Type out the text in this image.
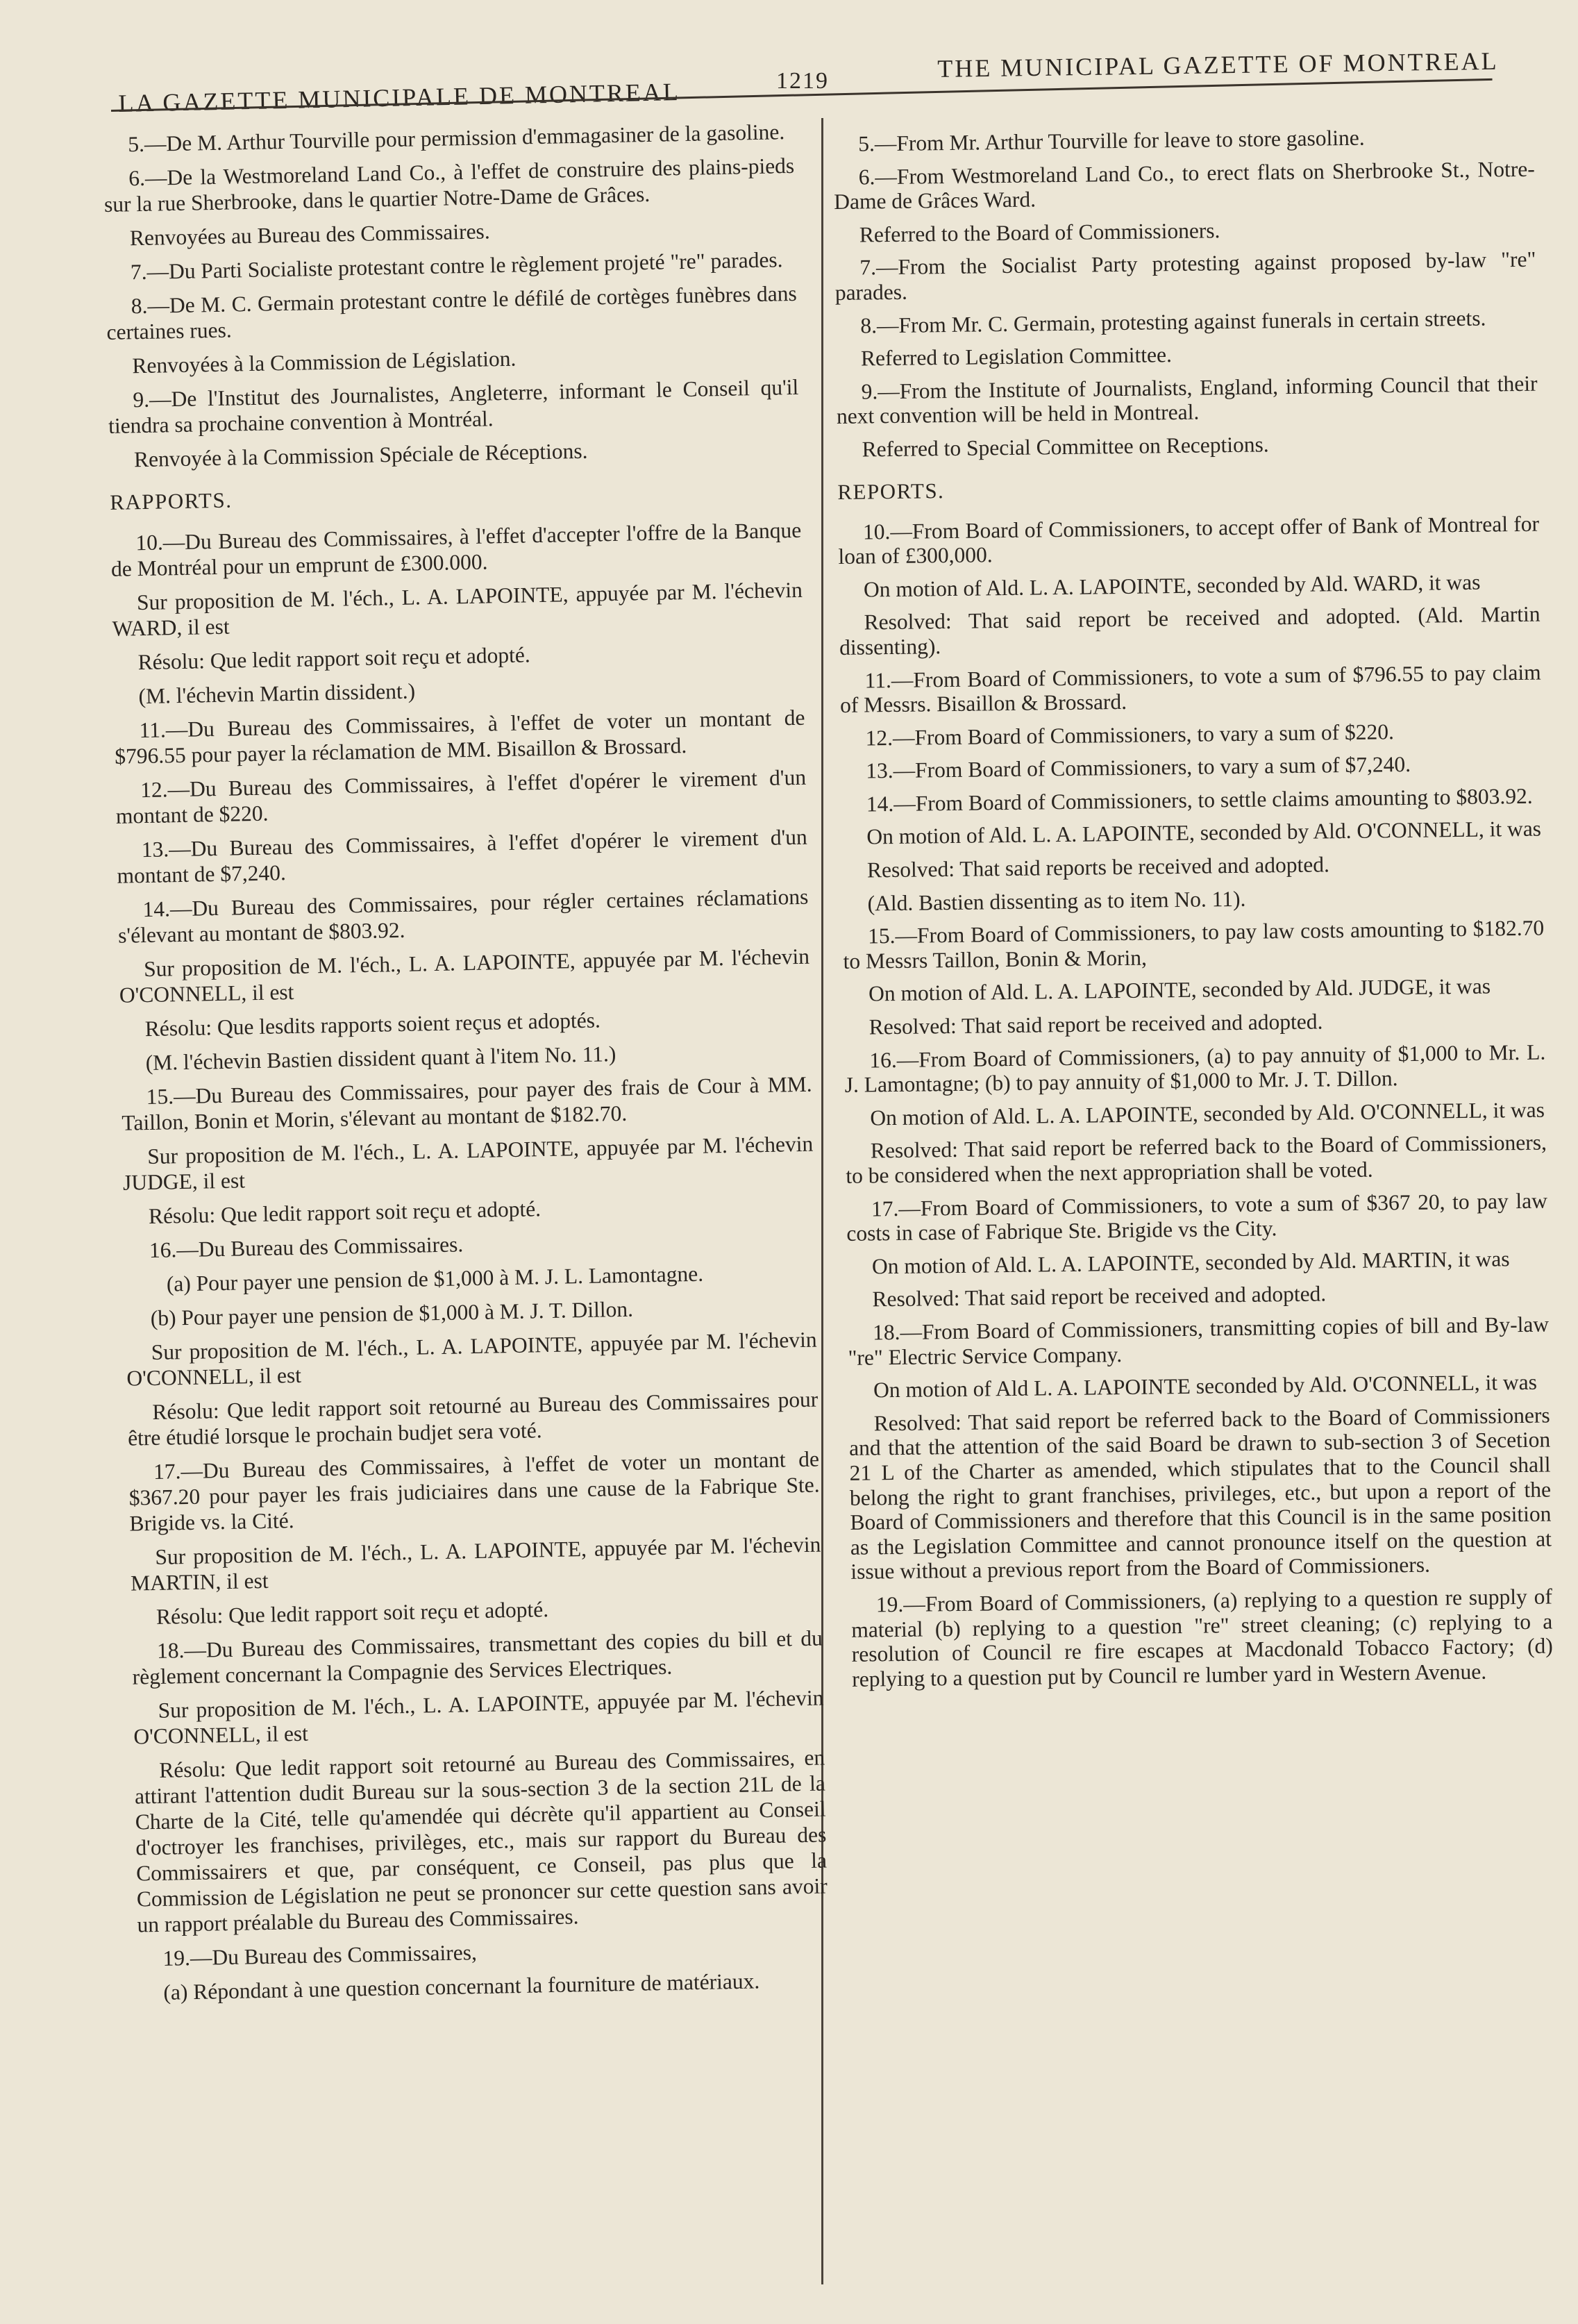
LA GAZETTE MUNICIPALE DE MONTREAL	1219	THE MUNICIPAL GAZETTE OF MONTREAL

5.—De M. Arthur Tourville pour permission d'emmagasiner de la gasoline.

6.—De la Westmoreland Land Co., à l'effet de construire des plains-pieds sur la rue Sherbrooke, dans le quartier Notre-Dame de Grâces.

Renvoyées au Bureau des Commissaires.

7.—Du Parti Socialiste protestant contre le règlement projeté "re" parades.

8.—De M. C. Germain protestant contre le défilé de cortèges funèbres dans certaines rues.

Renvoyées à la Commission de Législation.

9.—De l'Institut des Journalistes, Angleterre, informant le Conseil qu'il tiendra sa prochaine convention à Montréal.

Renvoyée à la Commission Spéciale de Réceptions.

RAPPORTS.

10.—Du Bureau des Commissaires, à l'effet d'accepter l'offre de la Banque de Montréal pour un emprunt de £300.000.

Sur proposition de M. l'éch., L. A. LAPOINTE, appuyée par M. l'échevin WARD, il est

Résolu: Que ledit rapport soit reçu et adopté.

(M. l'échevin Martin dissident.)

11.—Du Bureau des Commissaires, à l'effet de voter un montant de $796.55 pour payer la réclamation de MM. Bisaillon & Brossard.

12.—Du Bureau des Commissaires, à l'effet d'opérer le virement d'un montant de $220.

13.—Du Bureau des Commissaires, à l'effet d'opérer le virement d'un montant de $7,240.

14.—Du Bureau des Commissaires, pour régler certaines réclamations s'élevant au montant de $803.92.

Sur proposition de M. l'éch., L. A. LAPOINTE, appuyée par M. l'échevin O'CONNELL, il est

Résolu: Que lesdits rapports soient reçus et adoptés.

(M. l'échevin Bastien dissident quant à l'item No. 11.)

15.—Du Bureau des Commissaires, pour payer des frais de Cour à MM. Taillon, Bonin et Morin, s'élevant au montant de $182.70.

Sur proposition de M. l'éch., L. A. LAPOINTE, appuyée par M. l'échevin JUDGE, il est

Résolu: Que ledit rapport soit reçu et adopté.

16.—Du Bureau des Commissaires.

(a) Pour payer une pension de $1,000 à M. J. L. Lamontagne.

(b) Pour payer une pension de $1,000 à M. J. T. Dillon.

Sur proposition de M. l'éch., L. A. LAPOINTE, appuyée par M. l'échevin O'CONNELL, il est

Résolu: Que ledit rapport soit retourné au Bureau des Commissaires pour être étudié lorsque le prochain budjet sera voté.

17.—Du Bureau des Commissaires, à l'effet de voter un montant de $367.20 pour payer les frais judiciaires dans une cause de la Fabrique Ste. Brigide vs. la Cité.

Sur proposition de M. l'éch., L. A. LAPOINTE, appuyée par M. l'échevin MARTIN, il est

Résolu: Que ledit rapport soit reçu et adopté.

18.—Du Bureau des Commissaires, transmettant des copies du bill et du règlement concernant la Compagnie des Services Electriques.

Sur proposition de M. l'éch., L. A. LAPOINTE, appuyée par M. l'échevin O'CONNELL, il est

Résolu: Que ledit rapport soit retourné au Bureau des Commissaires, en attirant l'attention dudit Bureau sur la sous-section 3 de la section 21L de la Charte de la Cité, telle qu'amendée qui décrète qu'il appartient au Conseil d'octroyer les franchises, privilèges, etc., mais sur rapport du Bureau des Commissairers et que, par conséquent, ce Conseil, pas plus que la Commission de Législation ne peut se prononcer sur cette question sans avoir un rapport préalable du Bureau des Commissaires.

19.—Du Bureau des Commissaires,

(a) Répondant à une question concernant la fourniture de matériaux.

5.—From Mr. Arthur Tourville for leave to store gasoline.

6.—From Westmoreland Land Co., to erect flats on Sherbrooke St., Notre-Dame de Grâces Ward.

Referred to the Board of Commissioners.

7.—From the Socialist Party protesting against proposed by-law "re" parades.

8.—From Mr. C. Germain, protesting against funerals in certain streets.

Referred to Legislation Committee.

9.—From the Institute of Journalists, England, informing Council that their next convention will be held in Montreal.

Referred to Special Committee on Receptions.

REPORTS.

10.—From Board of Commissioners, to accept offer of Bank of Montreal for loan of £300,000.

On motion of Ald. L. A. LAPOINTE, seconded by Ald. WARD, it was

Resolved: That said report be received and adopted. (Ald. Martin dissenting).

11.—From Board of Commissioners, to vote a sum of $796.55 to pay claim of Messrs. Bisaillon & Brossard.

12.—From Board of Commissioners, to vary a sum of $220.

13.—From Board of Commissioners, to vary a sum of $7,240.

14.—From Board of Commissioners, to settle claims amounting to $803.92.

On motion of Ald. L. A. LAPOINTE, seconded by Ald. O'CONNELL, it was

Resolved: That said reports be received and adopted.

(Ald. Bastien dissenting as to item No. 11).

15.—From Board of Commissioners, to pay law costs amounting to $182.70 to Messrs Taillon, Bonin & Morin,

On motion of Ald. L. A. LAPOINTE, seconded by Ald. JUDGE, it was

Resolved: That said report be received and adopted.

16.—From Board of Commissioners, (a) to pay annuity of $1,000 to Mr. L. J. Lamontagne; (b) to pay annuity of $1,000 to Mr. J. T. Dillon.

On motion of Ald. L. A. LAPOINTE, seconded by Ald. O'CONNELL, it was

Resolved: That said report be referred back to the Board of Commissioners, to be considered when the next appropriation shall be voted.

17.—From Board of Commissioners, to vote a sum of $367 20, to pay law costs in case of Fabrique Ste. Brigide vs the City.

On motion of Ald. L. A. LAPOINTE, seconded by Ald. MARTIN, it was

Resolved: That said report be received and adopted.

18.—From Board of Commissioners, transmitting copies of bill and By-law "re" Electric Service Company.

On motion of Ald L. A. LAPOINTE seconded by Ald. O'CONNELL, it was

Resolved: That said report be referred back to the Board of Commissioners and that the attention of the said Board be drawn to sub-section 3 of Secetion 21 L of the Charter as amended, which stipulates that to the Council shall belong the right to grant franchises, privileges, etc., but upon a report of the Board of Commissioners and therefore that this Council is in the same position as the Legislation Committee and cannot pronounce itself on the question at issue without a previous report from the Board of Commissioners.

19.—From Board of Commissioners, (a) replying to a question re supply of material (b) replying to a question "re" street cleaning; (c) replying to a resolution of Council re fire escapes at Macdonald Tobacco Factory; (d) replying to a question put by Council re lumber yard in Western Avenue.
